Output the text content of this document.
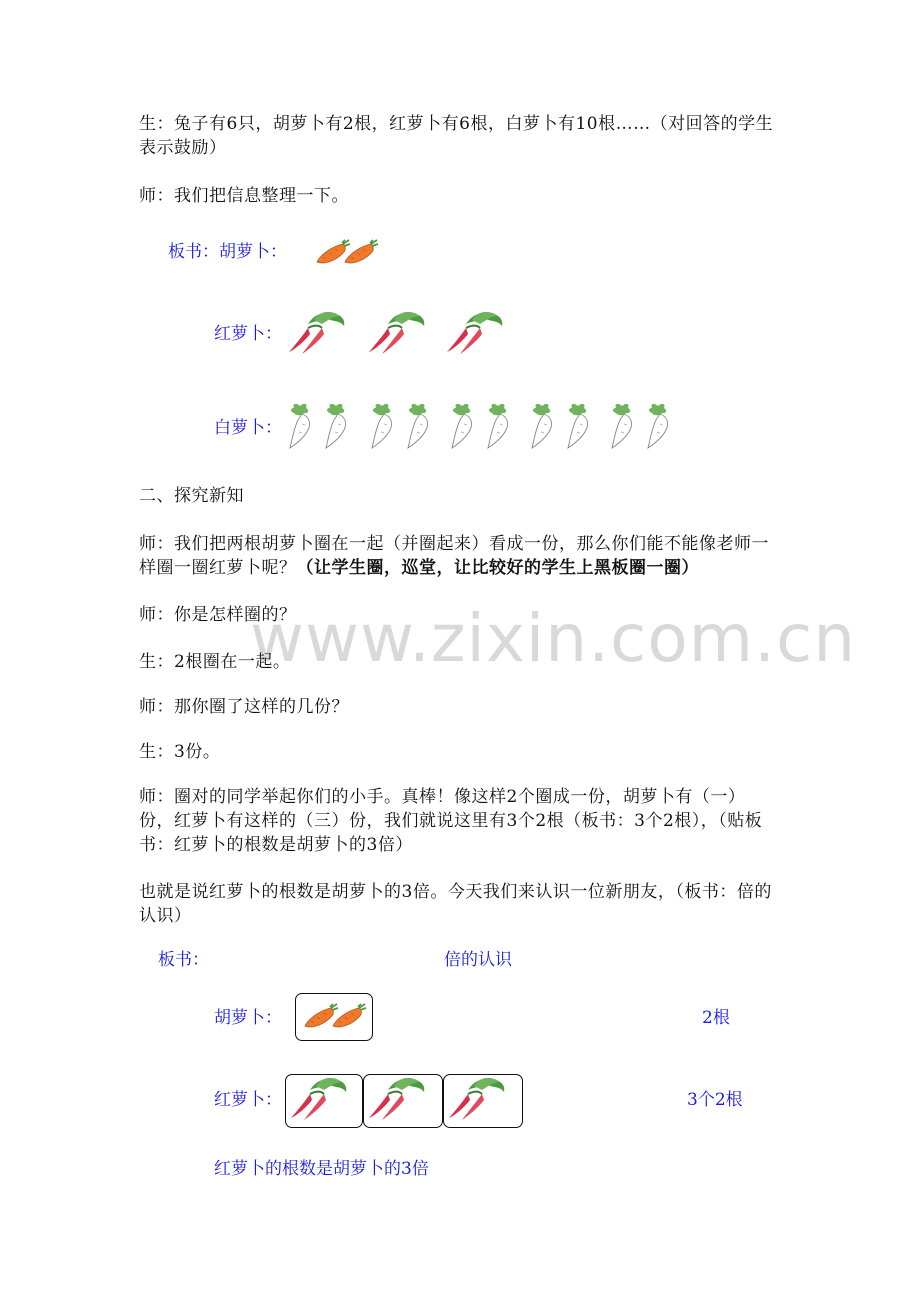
www.zixin.com.cn
生：兔子有6只，胡萝卜有2根，红萝卜有6根，白萝卜有10根……（对回答的学生表示鼓励）
师：我们把信息整理一下。
板书：胡萝卜：
红萝卜：
白萝卜：
二、探究新知
师：我们把两根胡萝卜圈在一起（并圈起来）看成一份，那么你们能不能像老师一样圈一圈红萝卜呢？（让学生圈，巡堂，让比较好的学生上黑板圈一圈）
师：你是怎样圈的？
生：2根圈在一起。
师：那你圈了这样的几份？
生：3份。
师：圈对的同学举起你们的小手。真棒！像这样2个圈成一份，胡萝卜有（一）份，红萝卜有这样的（三）份，我们就说这里有3个2根（板书：3个2根），（贴板书：红萝卜的根数是胡萝卜的3倍）
也就是说红萝卜的根数是胡萝卜的3倍。今天我们来认识一位新朋友，（板书：倍的认识）
板书：	倍的认识
胡萝卜：	2根
红萝卜：	3个2根
红萝卜的根数是胡萝卜的3倍
